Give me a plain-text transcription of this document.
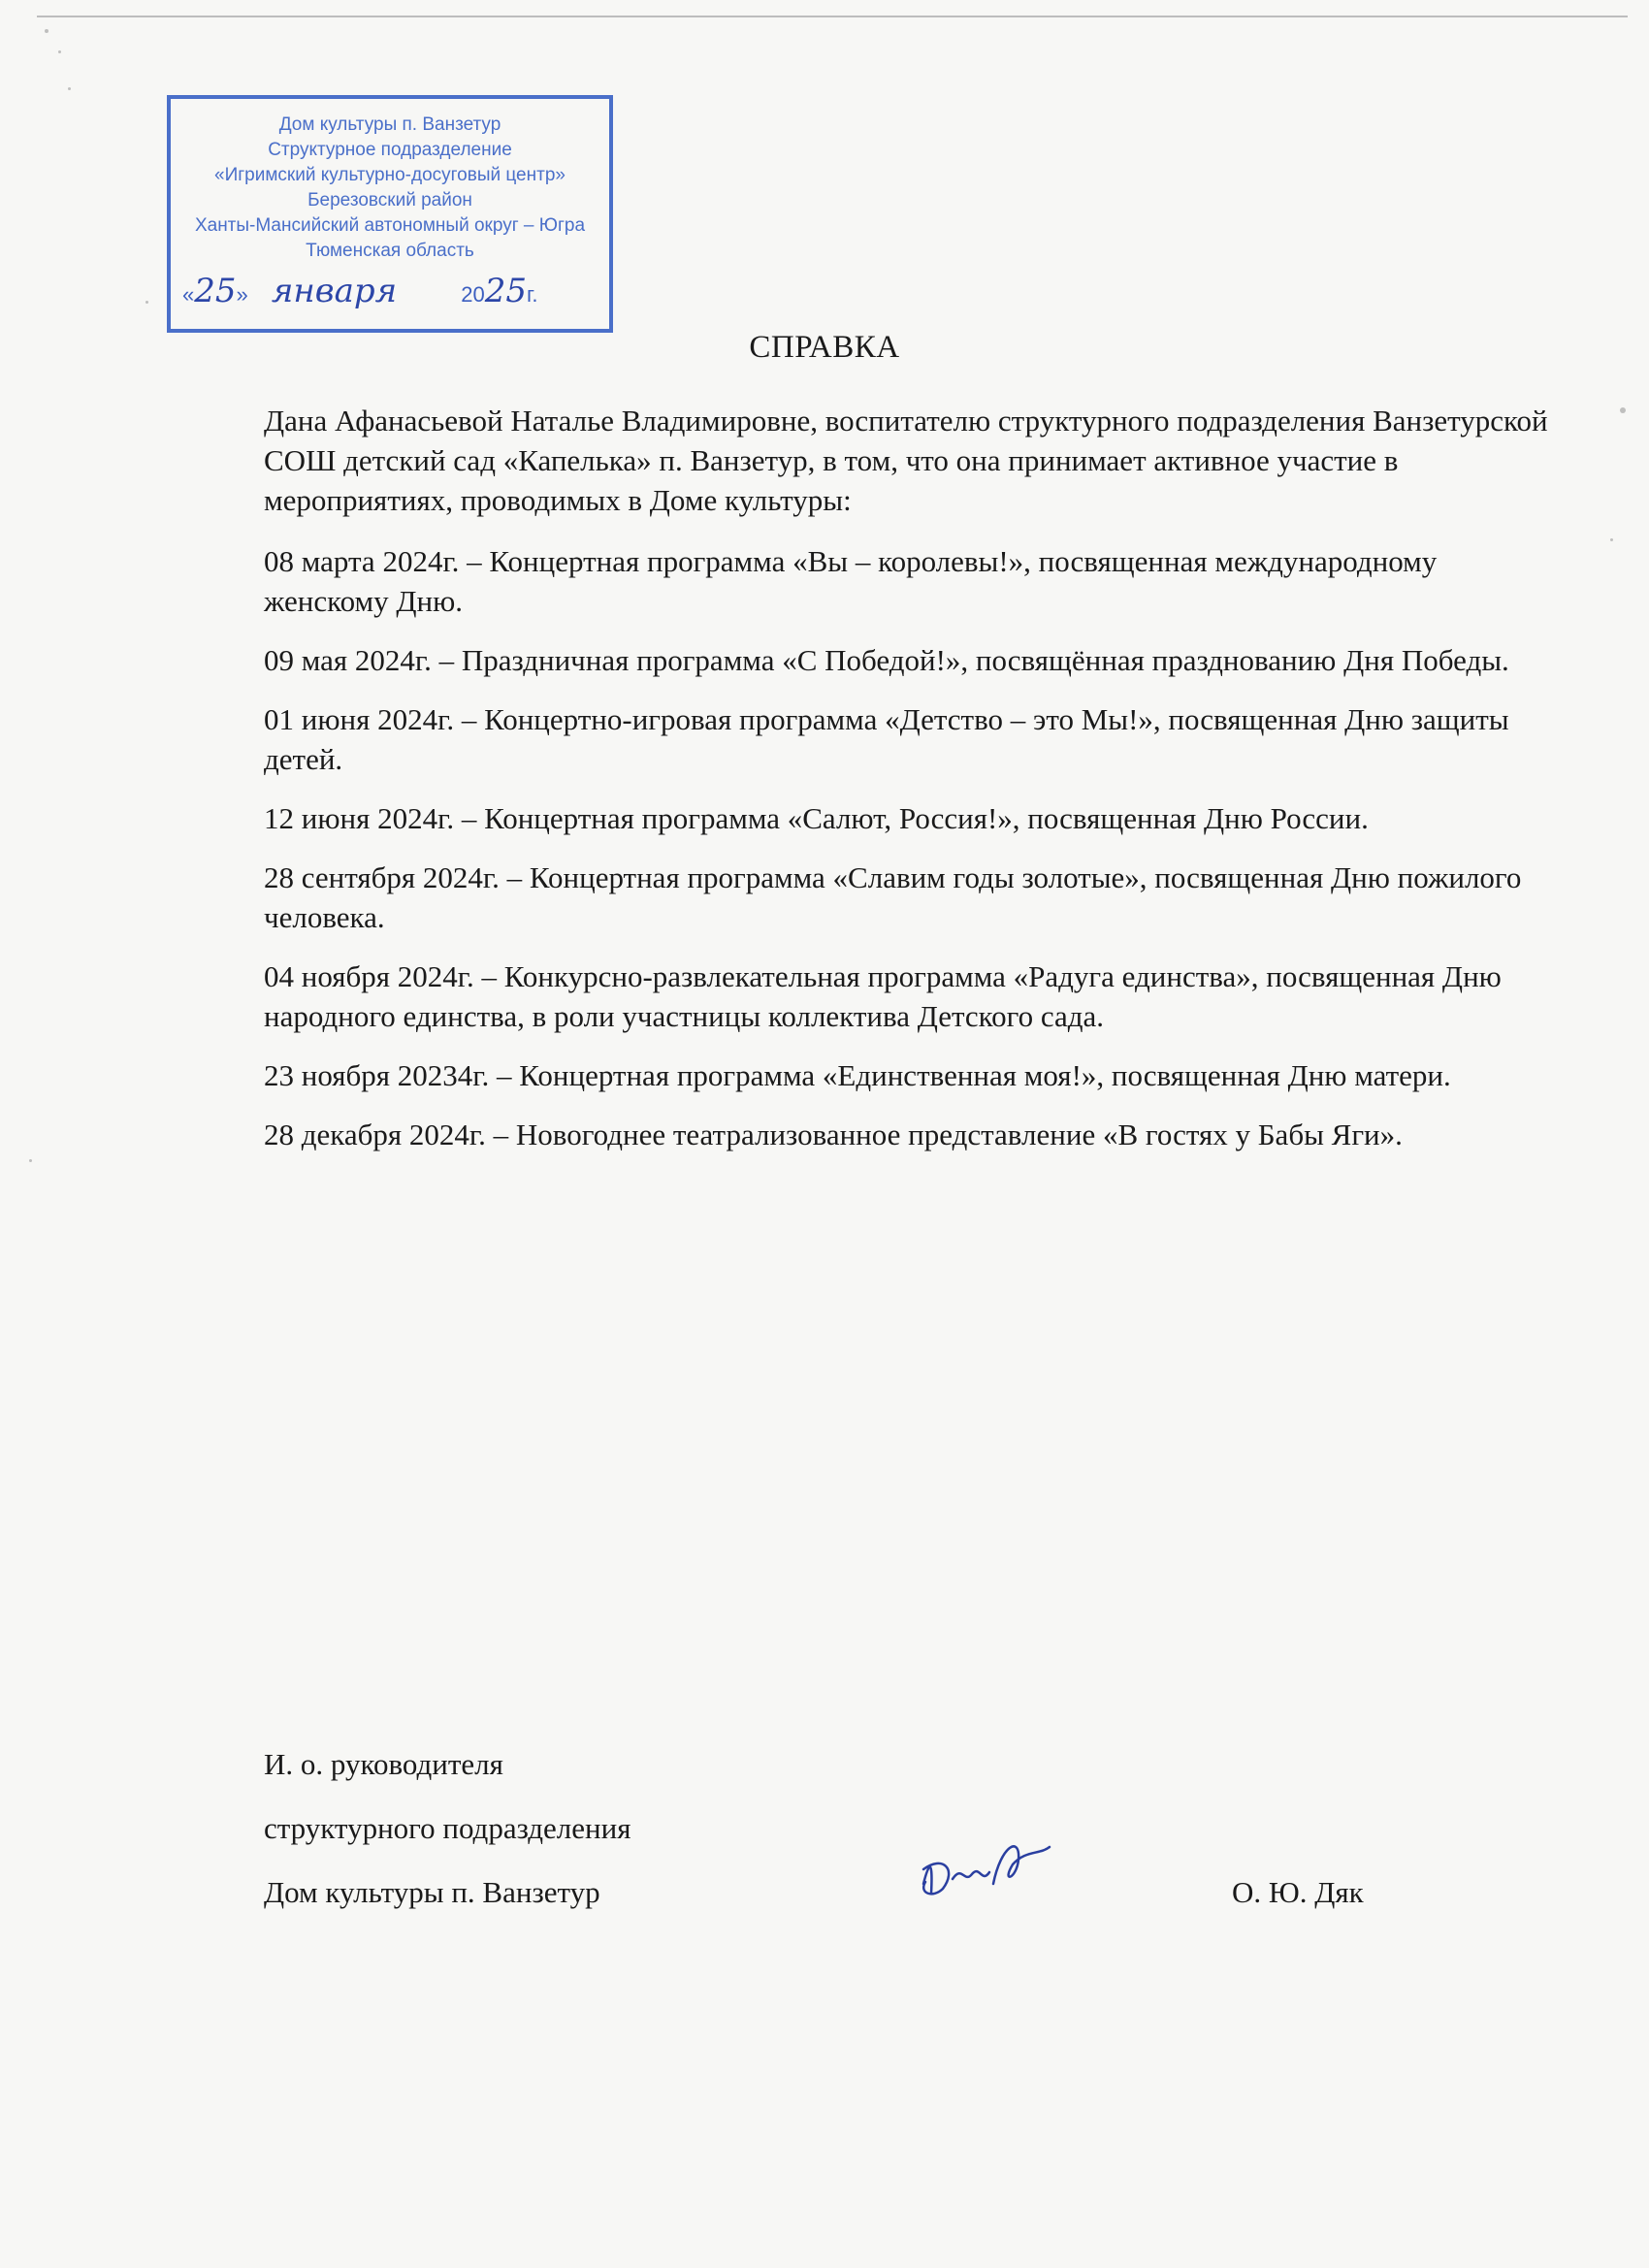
Дом культуры п. Ванзетур
Структурное подразделение
«Игримский культурно-досуговый центр»
Березовский район
Ханты-Мансийский автономный округ – Югра
Тюменская область
«25» января	2025г.
СПРАВКА

Дана Афанасьевой Наталье Владимировне, воспитателю структурного подразделения Ванзетурской СОШ детский сад «Капелька» п. Ванзетур, в том, что она принимает активное участие в мероприятиях, проводимых в Доме культуры:

08 марта 2024г. – Концертная программа «Вы – королевы!», посвященная международному женскому Дню.

09 мая 2024г. – Праздничная программа «С Победой!», посвящённая празднованию Дня Победы.

01 июня 2024г. – Концертно-игровая программа «Детство – это Мы!», посвященная Дню защиты детей.

12 июня 2024г. – Концертная программа «Салют, Россия!», посвященная Дню России.

28 сентября 2024г. – Концертная программа «Славим годы золотые», посвященная Дню пожилого человека.

04 ноября 2024г. – Конкурсно-развлекательная программа «Радуга единства», посвященная Дню народного единства, в роли участницы коллектива Детского сада.

23 ноября 20234г. – Концертная программа «Единственная моя!», посвященная Дню матери.

28 декабря 2024г. – Новогоднее театрализованное представление «В гостях у Бабы Яги».

И. о. руководителя
структурного подразделения
Дом культуры п. Ванзетур	О. Ю. Дяк
